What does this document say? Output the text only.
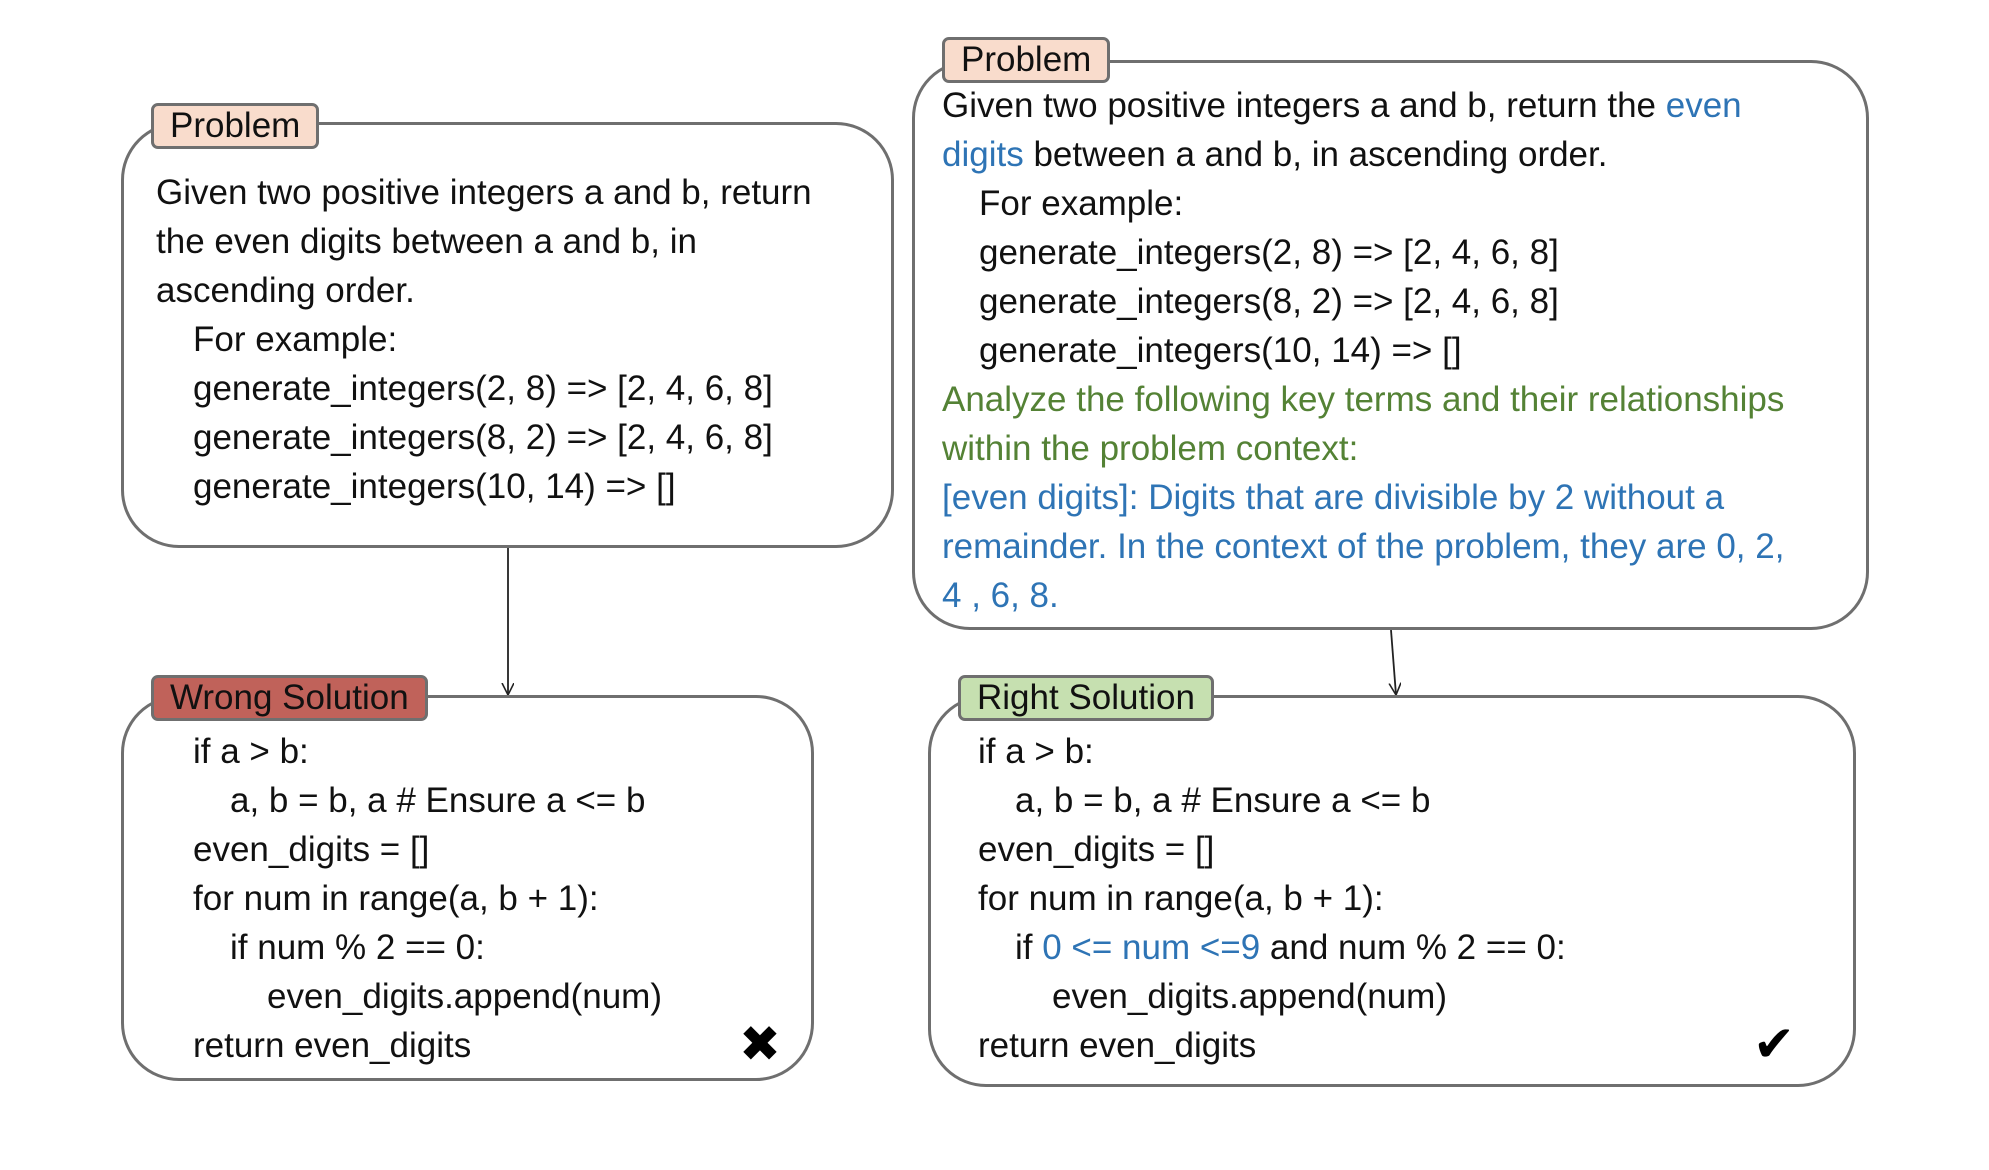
Problem
Given two positive integers a and b, return
the even digits between a and b, in
ascending order.
For example:
generate_integers(2, 8) => [2, 4, 6, 8]
generate_integers(8, 2) => [2, 4, 6, 8]
generate_integers(10, 14) => []
Wrong Solution
if a > b:
a, b = b, a # Ensure a <= b
even_digits = []
for num in range(a, b + 1):
if num % 2 == 0:
even_digits.append(num)
return even_digits	✖
Problem
Given two positive integers a and b, return the even
digits between a and b, in ascending order.
For example:
generate_integers(2, 8) => [2, 4, 6, 8]
generate_integers(8, 2) => [2, 4, 6, 8]
generate_integers(10, 14) => []
Analyze the following key terms and their relationships
within the problem context:
[even digits]: Digits that are divisible by 2 without a
remainder. In the context of the problem, they are 0, 2,
4 , 6, 8.
Right Solution
if a > b:
a, b = b, a # Ensure a <= b
even_digits = []
for num in range(a, b + 1):
if 0 <= num <=9 and num % 2 == 0:
even_digits.append(num)
return even_digits	✔
